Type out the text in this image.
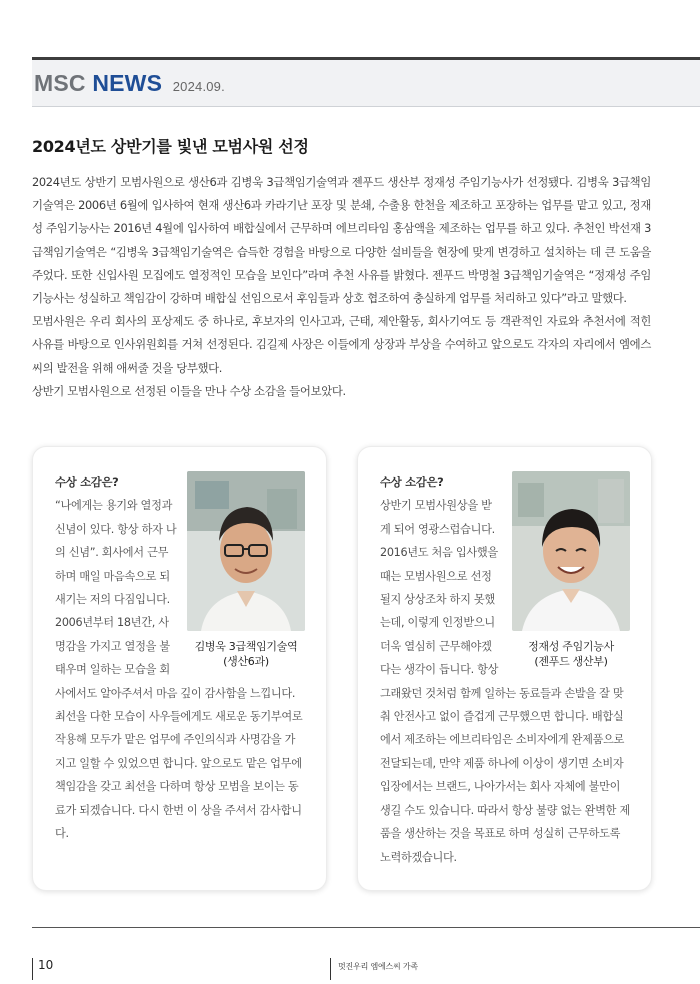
MSC NEWS 2024.09.
2024년도 상반기를 빛낸 모범사원 선정

2024년도 상반기 모범사원으로 생산6과 김병욱 3급책임기술역과 젠푸드 생산부 정재성 주임기능사가 선정됐다. 김병욱 3급책임기술역은 2006년 6월에 입사하여 현재 생산6과 카라기난 포장 및 분쇄, 수출용 한천을 제조하고 포장하는 업무를 맡고 있고, 정재성 주임기능사는 2016년 4월에 입사하여 배합실에서 근무하며 에브리타임 홍삼액을 제조하는 업무를 하고 있다. 추천인 박선재 3급책임기술역은 “김병욱 3급책임기술역은 습득한 경험을 바탕으로 다양한 설비들을 현장에 맞게 변경하고 설치하는 데 큰 도움을 주었다. 또한 신입사원 모집에도 열정적인 모습을 보인다”라며 추천 사유를 밝혔다. 젠푸드 박명철 3급책임기술역은 “정재성 주임기능사는 성실하고 책임감이 강하며 배합실 선임으로서 후임들과 상호 협조하여 충실하게 업무를 처리하고 있다”라고 말했다.

모범사원은 우리 회사의 포상제도 중 하나로, 후보자의 인사고과, 근태, 제안활동, 회사기여도 등 객관적인 자료와 추천서에 적힌 사유를 바탕으로 인사위원회를 거쳐 선정된다. 김길제 사장은 이들에게 상장과 부상을 수여하고 앞으로도 각자의 자리에서 엠에스씨의 발전을 위해 애써줄 것을 당부했다.

상반기 모범사원으로 선정된 이들을 만나 수상 소감을 들어보았다.

김병욱 3급책임기술역
(생산6과)
수상 소감은?
“나에게는 용기와 열정과 신념이 있다. 항상 하자 나의 신념”. 회사에서 근무하며 매일 마음속으로 되새기는 저의 다짐입니다. 2006년부터 18년간, 사명감을 가지고 열정을 불태우며 일하는 모습을 회사에서도 알아주셔서 마음 깊이 감사함을 느낍니다. 최선을 다한 모습이 사우들에게도 새로운 동기부여로 작용해 모두가 맡은 업무에 주인의식과 사명감을 가지고 일할 수 있었으면 합니다. 앞으로도 맡은 업무에 책임감을 갖고 최선을 다하며 항상 모범을 보이는 동료가 되겠습니다. 다시 한번 이 상을 주셔서 감사합니다.
정재성 주임기능사
(젠푸드 생산부)
수상 소감은?
상반기 모범사원상을 받게 되어 영광스럽습니다. 2016년도 처음 입사했을 때는 모범사원으로 선정될지 상상조차 하지 못했는데, 이렇게 인정받으니 더욱 열심히 근무해야겠다는 생각이 듭니다. 항상 그래왔던 것처럼 함께 일하는 동료들과 손발을 잘 맞춰 안전사고 없이 즐겁게 근무했으면 합니다. 배합실에서 제조하는 에브리타임은 소비자에게 완제품으로 전달되는데, 만약 제품 하나에 이상이 생기면 소비자 입장에서는 브랜드, 나아가서는 회사 자체에 불만이 생길 수도 있습니다. 따라서 항상 불량 없는 완벽한 제품을 생산하는 것을 목표로 하며 성실히 근무하도록 노력하겠습니다.
10	멋진우리 엠에스씨 가족
